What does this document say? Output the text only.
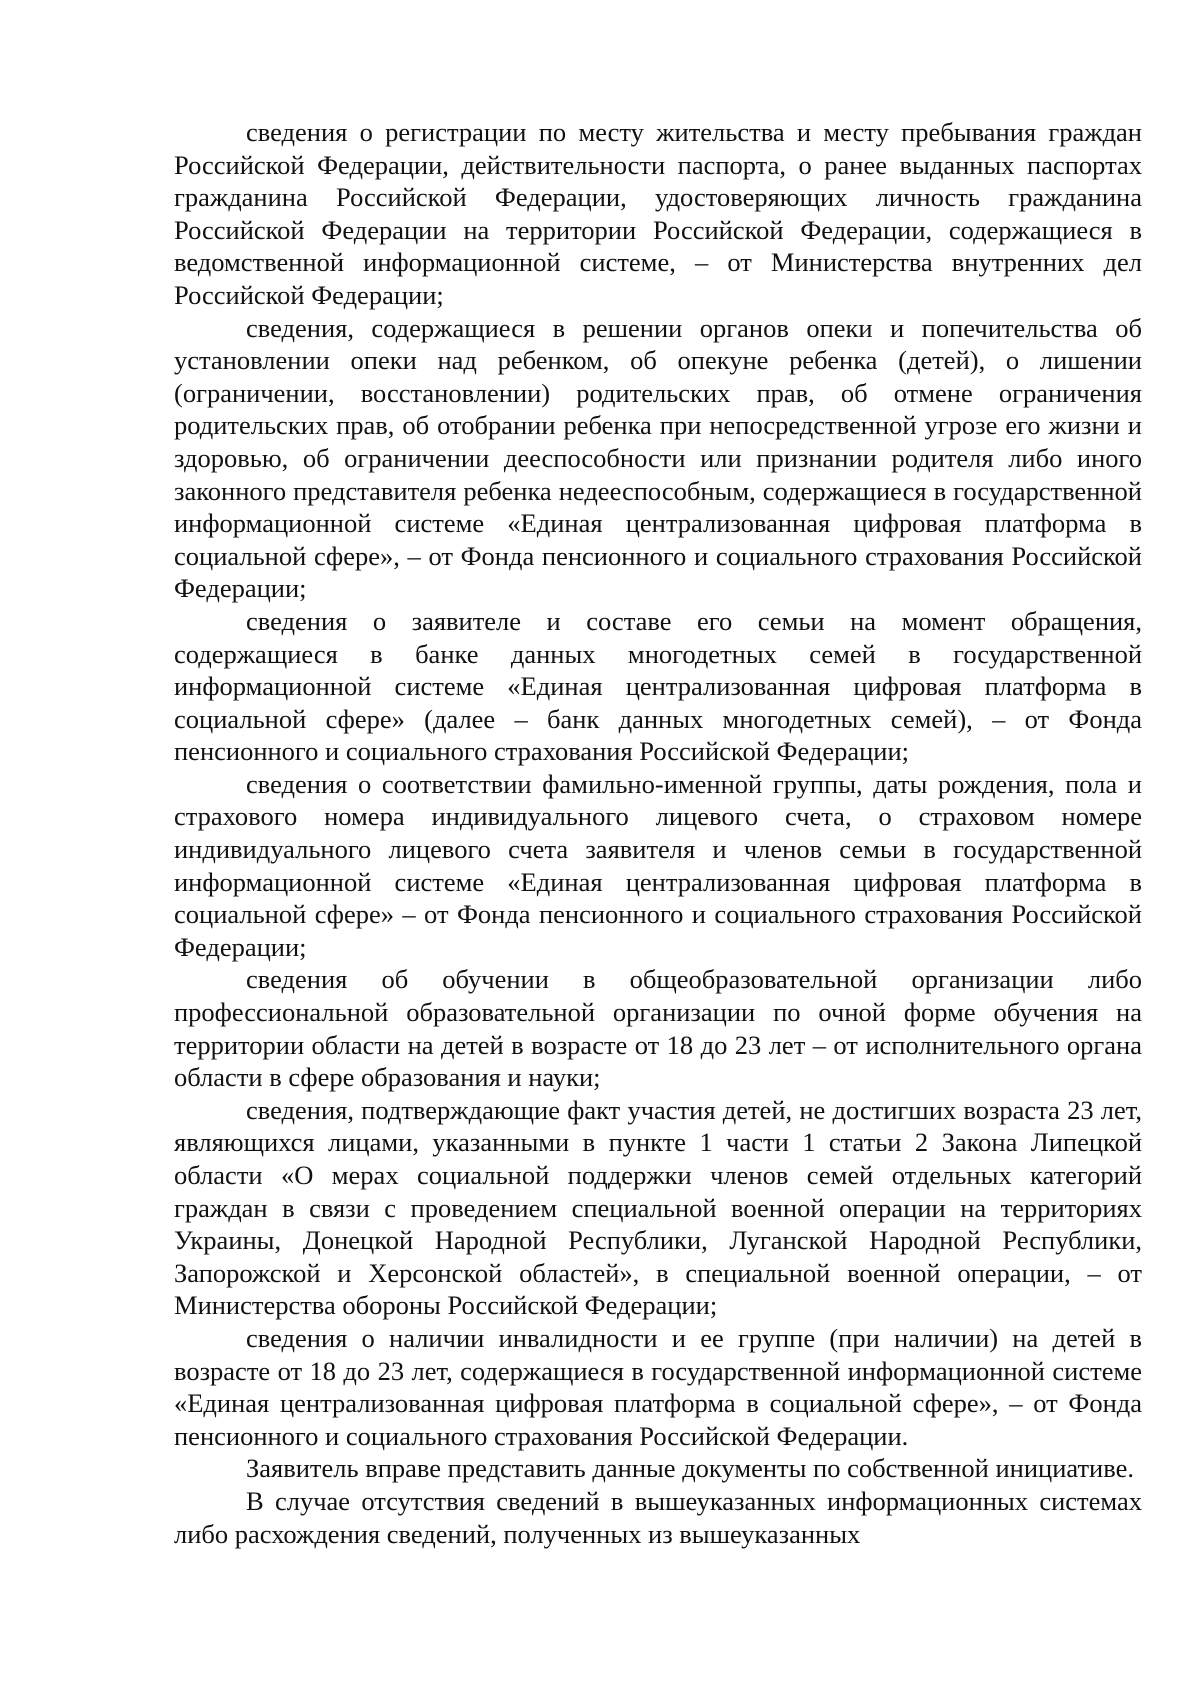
сведения о регистрации по месту жительства и месту пребывания граждан Российской Федерации, действительности паспорта, о ранее выданных паспортах гражданина Российской Федерации, удостоверяющих личность гражданина Российской Федерации на территории Российской Федерации, содержащиеся в ведомственной информационной системе, – от Министерства внутренних дел Российской Федерации;

сведения, содержащиеся в решении органов опеки и попечительства об установлении опеки над ребенком, об опекуне ребенка (детей), о лишении (ограничении, восстановлении) родительских прав, об отмене ограничения родительских прав, об отобрании ребенка при непосредственной угрозе его жизни и здоровью, об ограничении дееспособности или признании родителя либо иного законного представителя ребенка недееспособным, содержащиеся в государственной информационной системе «Единая централизованная цифровая платформа в социальной сфере», – от Фонда пенсионного и социального страхования Российской Федерации;

сведения о заявителе и составе его семьи на момент обращения, содержащиеся в банке данных многодетных семей в государственной информационной системе «Единая централизованная цифровая платформа в социальной сфере» (далее – банк данных многодетных семей), – от Фонда пенсионного и социального страхования Российской Федерации;

сведения о соответствии фамильно-именной группы, даты рождения, пола и страхового номера индивидуального лицевого счета, о страховом номере индивидуального лицевого счета заявителя и членов семьи в государственной информационной системе «Единая централизованная цифровая платформа в социальной сфере» – от Фонда пенсионного и социального страхования Российской Федерации;

сведения об обучении в общеобразовательной организации либо профессиональной образовательной организации по очной форме обучения на территории области на детей в возрасте от 18 до 23 лет – от исполнительного органа области в сфере образования и науки;

сведения, подтверждающие факт участия детей, не достигших возраста 23 лет, являющихся лицами, указанными в пункте 1 части 1 статьи 2 Закона Липецкой области «О мерах социальной поддержки членов семей отдельных категорий граждан в связи с проведением специальной военной операции на территориях Украины, Донецкой Народной Республики, Луганской Народной Республики, Запорожской и Херсонской областей», в специальной военной операции, – от Министерства обороны Российской Федерации;

сведения о наличии инвалидности и ее группе (при наличии) на детей в возрасте от 18 до 23 лет, содержащиеся в государственной информационной системе «Единая централизованная цифровая платформа в социальной сфере», – от Фонда пенсионного и социального страхования Российской Федерации.

Заявитель вправе представить данные документы по собственной инициативе.

В случае отсутствия сведений в вышеуказанных информационных системах либо расхождения сведений, полученных из вышеуказанных
